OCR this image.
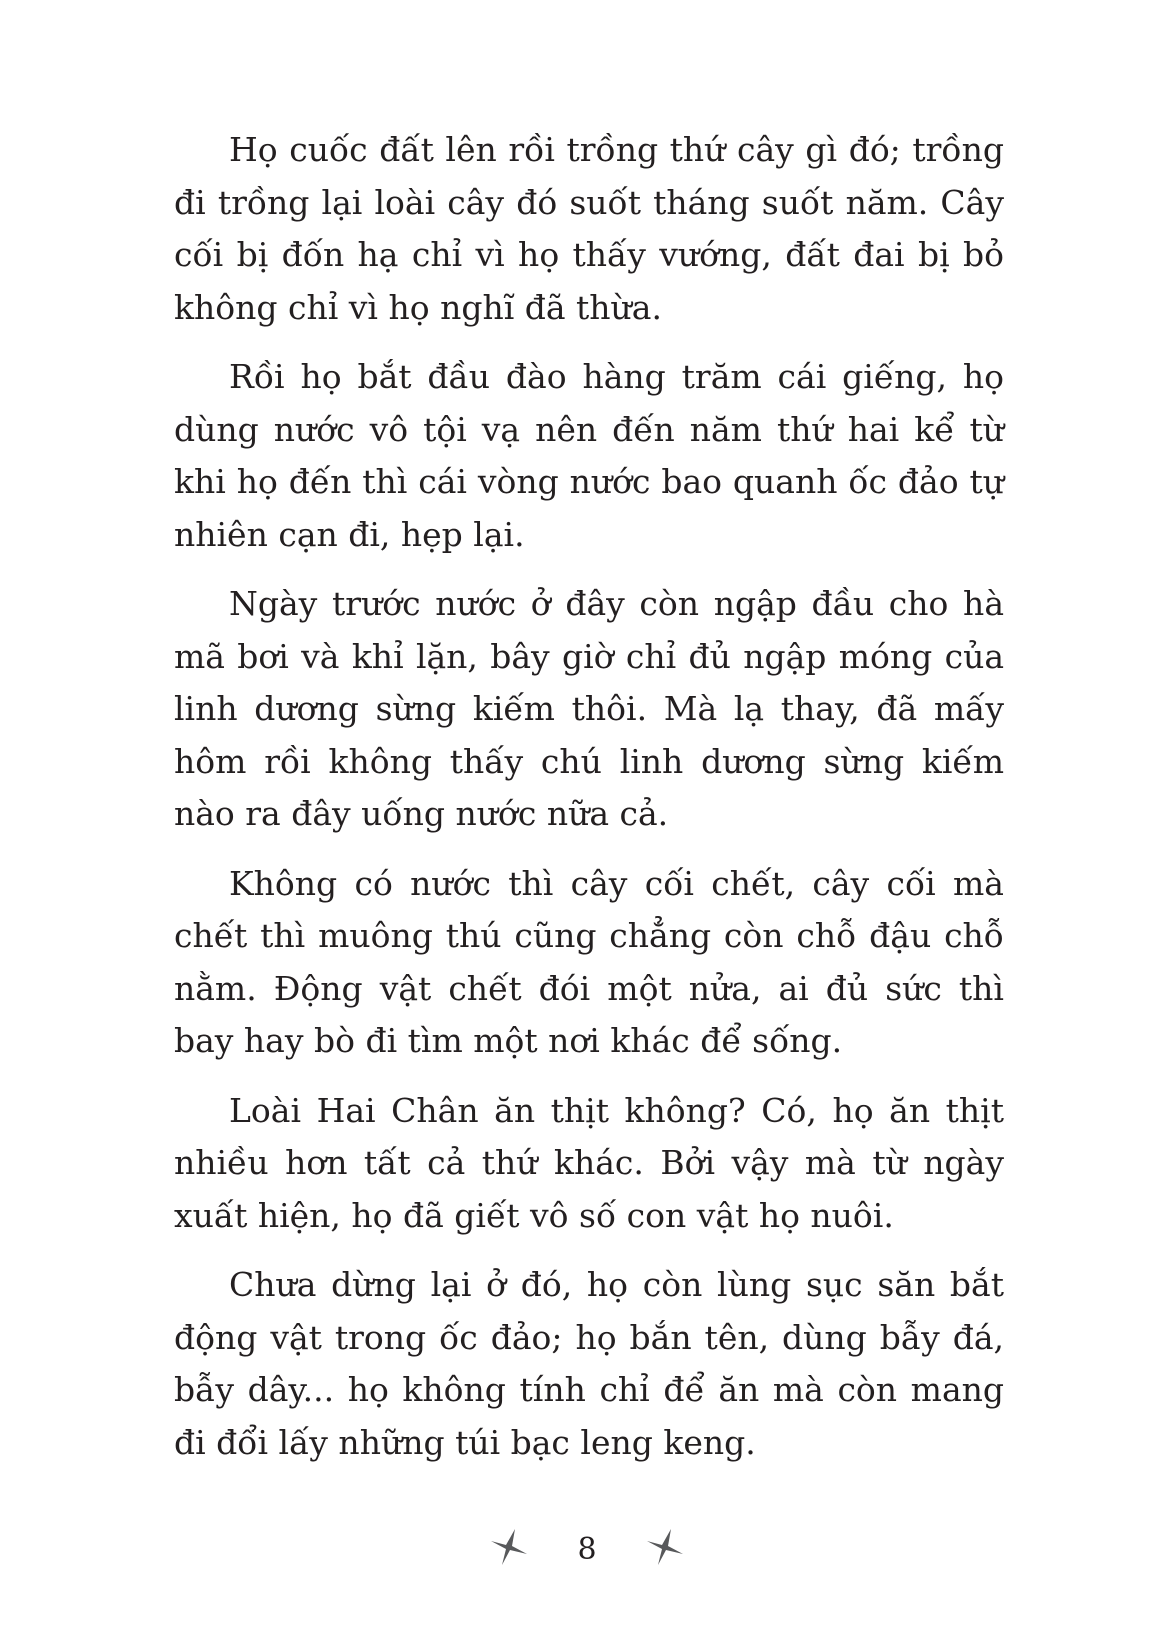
Họ cuốc đất lên rồi trồng thứ cây gì đó; trồng đi trồng lại loài cây đó suốt tháng suốt năm. Cây cối bị đốn hạ chỉ vì họ thấy vướng, đất đai bị bỏ không chỉ vì họ nghĩ đã thừa.

Rồi họ bắt đầu đào hàng trăm cái giếng, họ dùng nước vô tội vạ nên đến năm thứ hai kể từ khi họ đến thì cái vòng nước bao quanh ốc đảo tự nhiên cạn đi, hẹp lại.

Ngày trước nước ở đây còn ngập đầu cho hà mã bơi và khỉ lặn, bây giờ chỉ đủ ngập móng của linh dương sừng kiếm thôi. Mà lạ thay, đã mấy hôm rồi không thấy chú linh dương sừng kiếm nào ra đây uống nước nữa cả.

Không có nước thì cây cối chết, cây cối mà chết thì muông thú cũng chẳng còn chỗ đậu chỗ nằm. Động vật chết đói một nửa, ai đủ sức thì bay hay bò đi tìm một nơi khác để sống.

Loài Hai Chân ăn thịt không? Có, họ ăn thịt nhiều hơn tất cả thứ khác. Bởi vậy mà từ ngày xuất hiện, họ đã giết vô số con vật họ nuôi.

Chưa dừng lại ở đó, họ còn lùng sục săn bắt động vật trong ốc đảo; họ bắn tên, dùng bẫy đá, bẫy dây... họ không tính chỉ để ăn mà còn mang đi đổi lấy những túi bạc leng keng.

8
